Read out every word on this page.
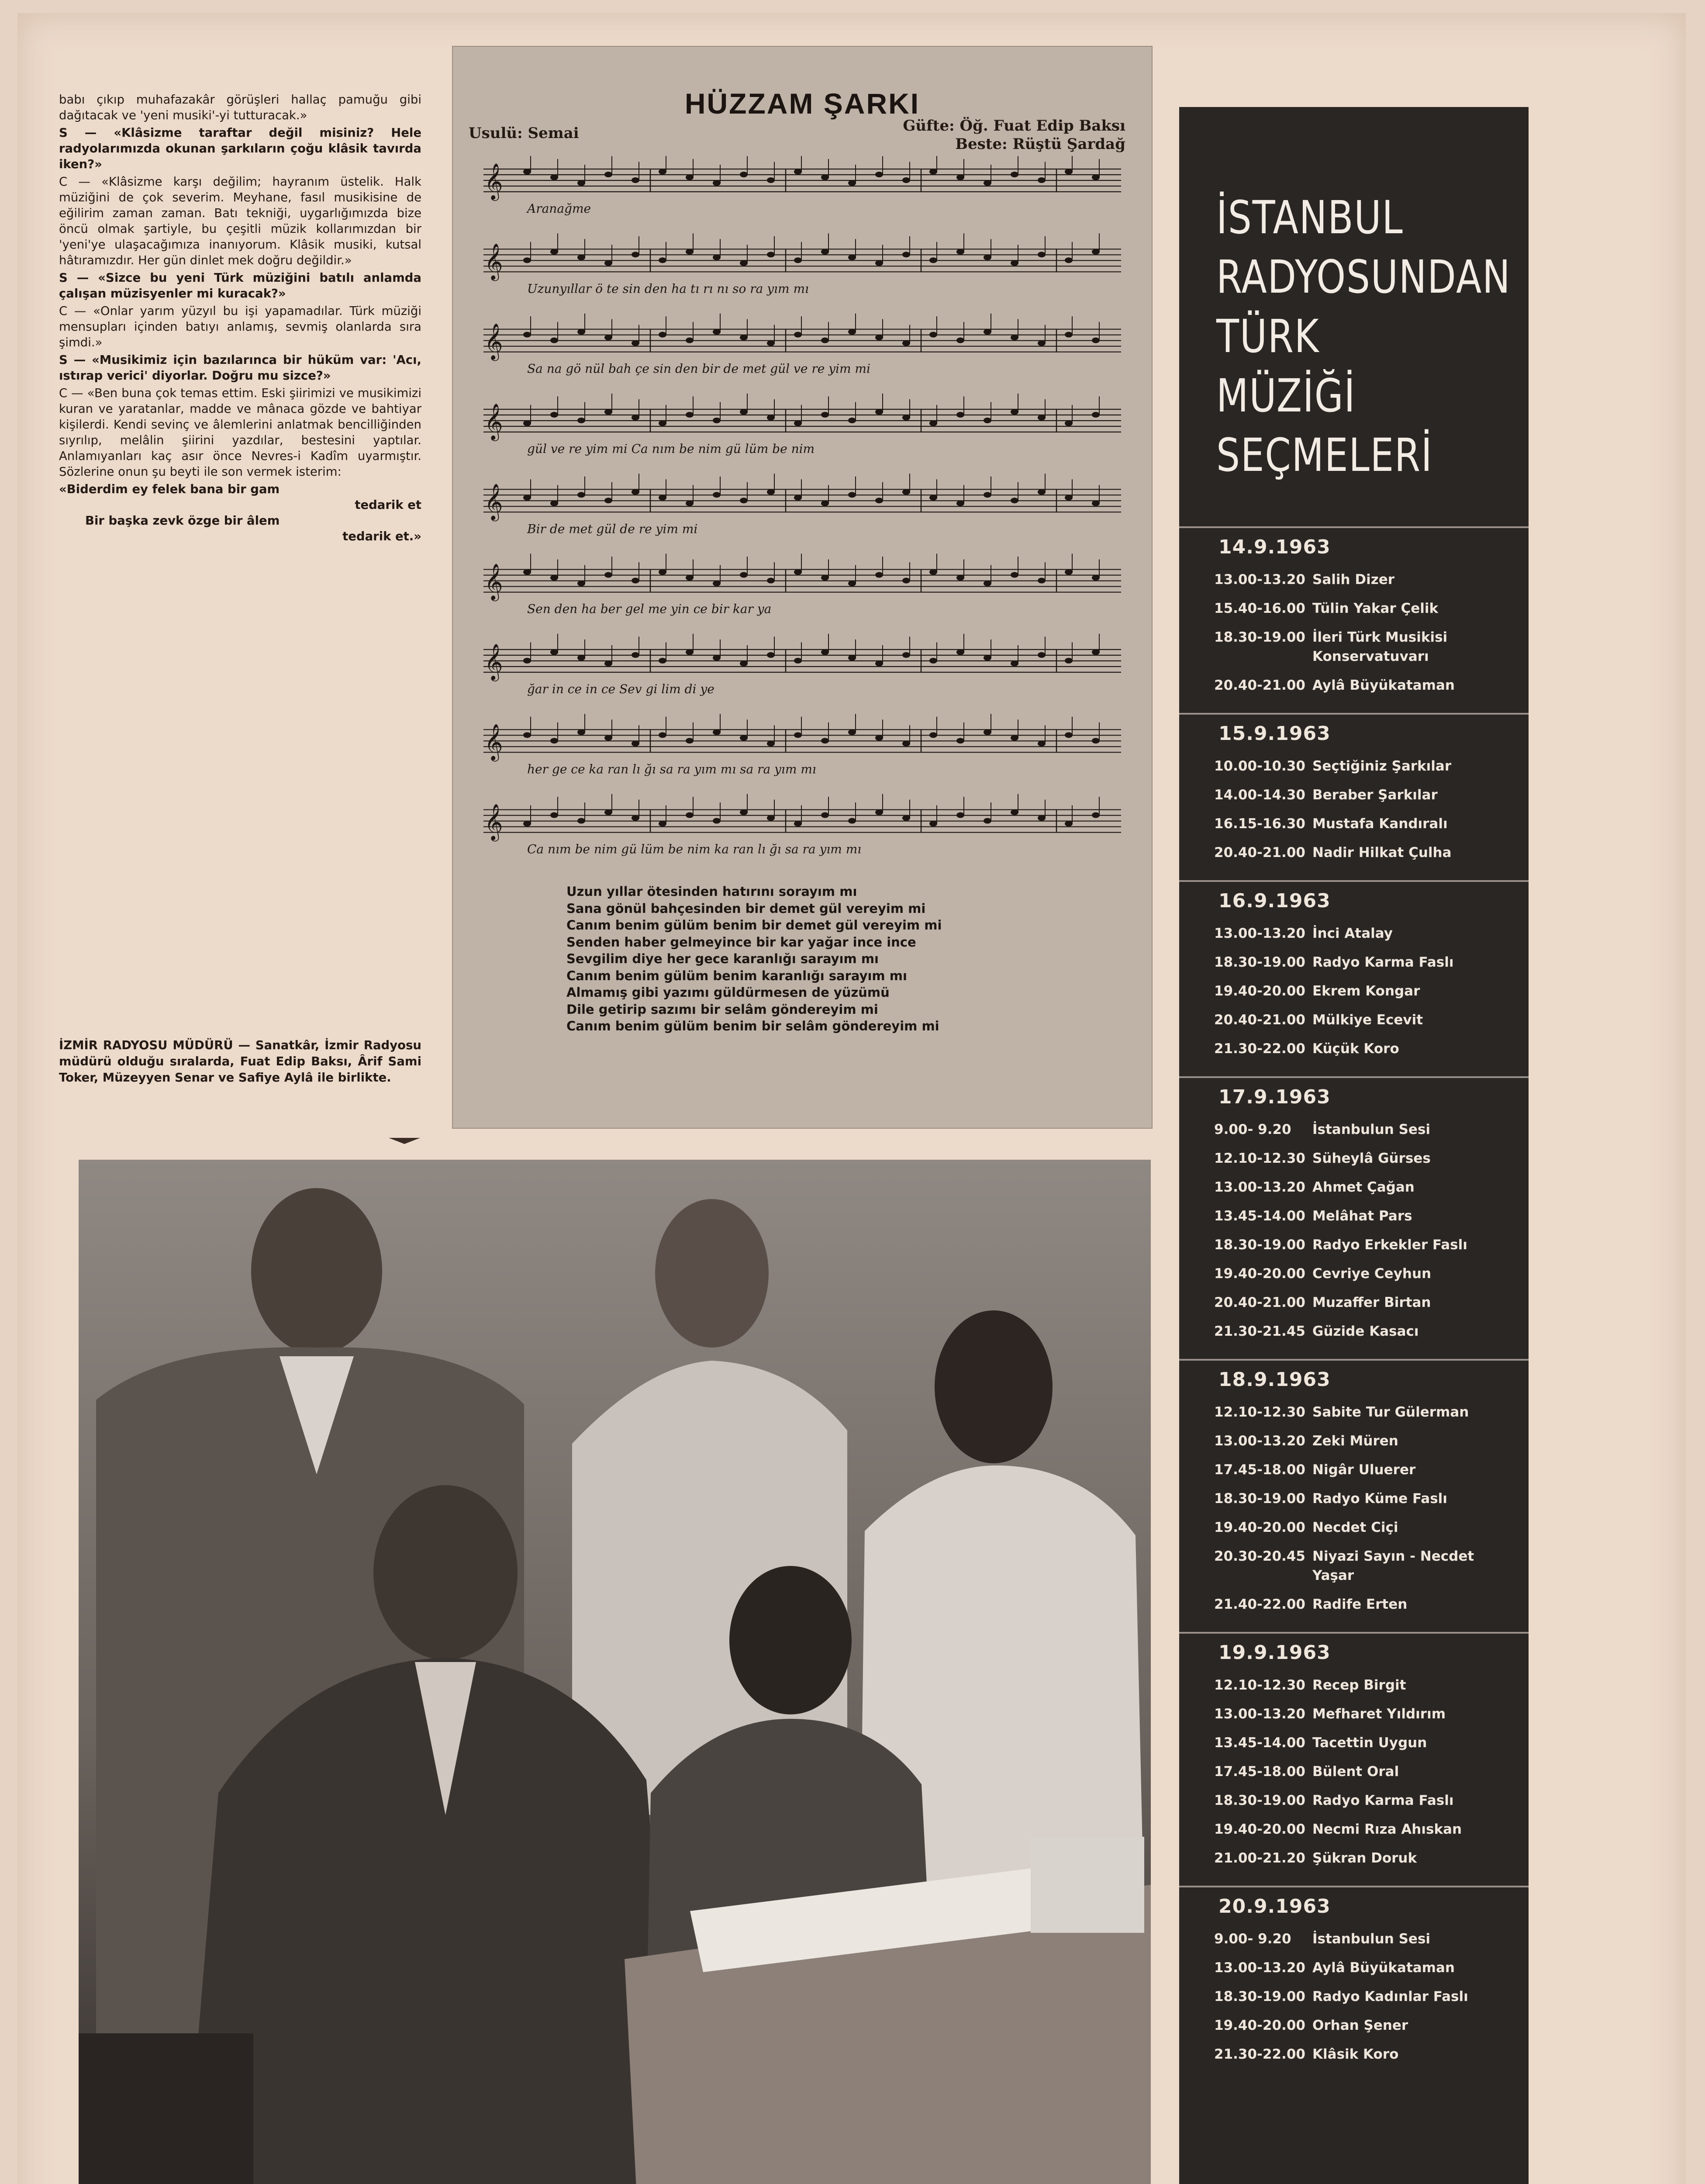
babı çıkıp muhafazakâr görüşleri hallaç pamuğu gibi dağıtacak ve 'yeni musiki'-yi tutturacak.»

S — «Klâsizme taraftar değil misiniz? Hele radyolarımızda okunan şarkıların çoğu klâsik tavırda iken?»

C — «Klâsizme karşı değilim; hayranım üstelik. Halk müziğini de çok severim. Meyhane, fasıl musikisine de eğilirim zaman zaman. Batı tekniği, uygarlığımızda bize öncü olmak şartiyle, bu çeşitli müzik kollarımızdan bir 'yeni'ye ulaşacağımıza inanıyorum. Klâsik musiki, kutsal hâtıramızdır. Her gün dinlet mek doğru değildir.»

S — «Sizce bu yeni Türk müziğini batılı anlamda çalışan müzisyenler mi kuracak?»

C — «Onlar yarım yüzyıl bu işi yapamadılar. Türk müziği mensupları içinden batıyı anlamış, sevmiş olanlarda sıra şimdi.»

S — «Musikimiz için bazılarınca bir hüküm var: 'Acı, ıstırap verici' diyorlar. Doğru mu sizce?»

C — «Ben buna çok temas ettim. Eski şiirimizi ve musikimizi kuran ve yaratanlar, madde ve mânaca gözde ve bahtiyar kişilerdi. Kendi sevinç ve âlemlerini anlatmak bencilliğinden sıyrılıp, melâlin şiirini yazdılar, bestesini yaptılar. Anlamıyanları kaç asır önce Nevres-i Kadîm uyarmıştır. Sözlerine onun şu beyti ile son vermek isterim:

«Biderdim ey felek bana bir gam
tedarik et
Bir başka zevk özge bir âlem
tedarik et.»

İZMİR RADYOSU MÜDÜRÜ — Sanatkâr, İzmir Radyosu müdürü olduğu sıralarda, Fuat Edip Baksı, Ârif Sami Toker, Müzeyyen Senar ve Safiye Aylâ ile birlikte.
HÜZZAM ŞARKI
Usulü: Semai	Güfte: Öğ. Fuat Edip Baksı
Beste: Rüştü Şardağ
𝄞
Aranağme
𝄞
Uzunyıllar ö te sin den ha tı rı nı so ra yım mı
𝄞
Sa na gö nül bah çe sin den bir de met gül ve re yim mi
𝄞
gül ve re yim mi Ca nım be nim gü lüm be nim
𝄞
Bir de met gül de re yim mi
𝄞
Sen den ha ber gel me yin ce bir kar ya
𝄞
ğar in ce in ce Sev gi lim di ye
𝄞
her ge ce ka ran lı ğı sa ra yım mı sa ra yım mı
𝄞
Ca nım be nim gü lüm be nim ka ran lı ğı sa ra yım mı
Uzun yıllar ötesinden hatırını sorayım mı
Sana gönül bahçesinden bir demet gül vereyim mi
Canım benim gülüm benim bir demet gül vereyim mi
Senden haber gelmeyince bir kar yağar ince ince
Sevgilim diye her gece karanlığı sarayım mı
Canım benim gülüm benim karanlığı sarayım mı
Almamış gibi yazımı güldürmesen de yüzümü
Dile getirip sazımı bir selâm göndereyim mi
Canım benim gülüm benim bir selâm göndereyim mi
İSTANBUL
RADYOSUNDAN
TÜRK MÜZİĞİ
SEÇMELERİ
14.9.1963
13.00-13.20 Salih Dizer
15.40-16.00 Tülin Yakar Çelik
18.30-19.00 İleri Türk Musikisi Konservatuvarı
20.40-21.00 Aylâ Büyükataman
15.9.1963
10.00-10.30 Seçtiğiniz Şarkılar
14.00-14.30 Beraber Şarkılar
16.15-16.30 Mustafa Kandıralı
20.40-21.00 Nadir Hilkat Çulha
16.9.1963
13.00-13.20 İnci Atalay
18.30-19.00 Radyo Karma Faslı
19.40-20.00 Ekrem Kongar
20.40-21.00 Mülkiye Ecevit
21.30-22.00 Küçük Koro
17.9.1963
9.00- 9.20	İstanbulun Sesi
12.10-12.30 Süheylâ Gürses
13.00-13.20 Ahmet Çağan
13.45-14.00 Melâhat Pars
18.30-19.00 Radyo Erkekler Faslı
19.40-20.00 Cevriye Ceyhun
20.40-21.00 Muzaffer Birtan
21.30-21.45 Güzide Kasacı
18.9.1963
12.10-12.30 Sabite Tur Gülerman
13.00-13.20 Zeki Müren
17.45-18.00 Nigâr Uluerer
18.30-19.00 Radyo Küme Faslı
19.40-20.00 Necdet Ciçi
20.30-20.45 Niyazi Sayın - Necdet Yaşar
21.40-22.00 Radife Erten
19.9.1963
12.10-12.30 Recep Birgit
13.00-13.20 Mefharet Yıldırım
13.45-14.00 Tacettin Uygun
17.45-18.00 Bülent Oral
18.30-19.00 Radyo Karma Faslı
19.40-20.00 Necmi Rıza Ahıskan
21.00-21.20 Şükran Doruk
20.9.1963
9.00- 9.20	İstanbulun Sesi
13.00-13.20 Aylâ Büyükataman
18.30-19.00 Radyo Kadınlar Faslı
19.40-20.00 Orhan Şener
21.30-22.00 Klâsik Koro
